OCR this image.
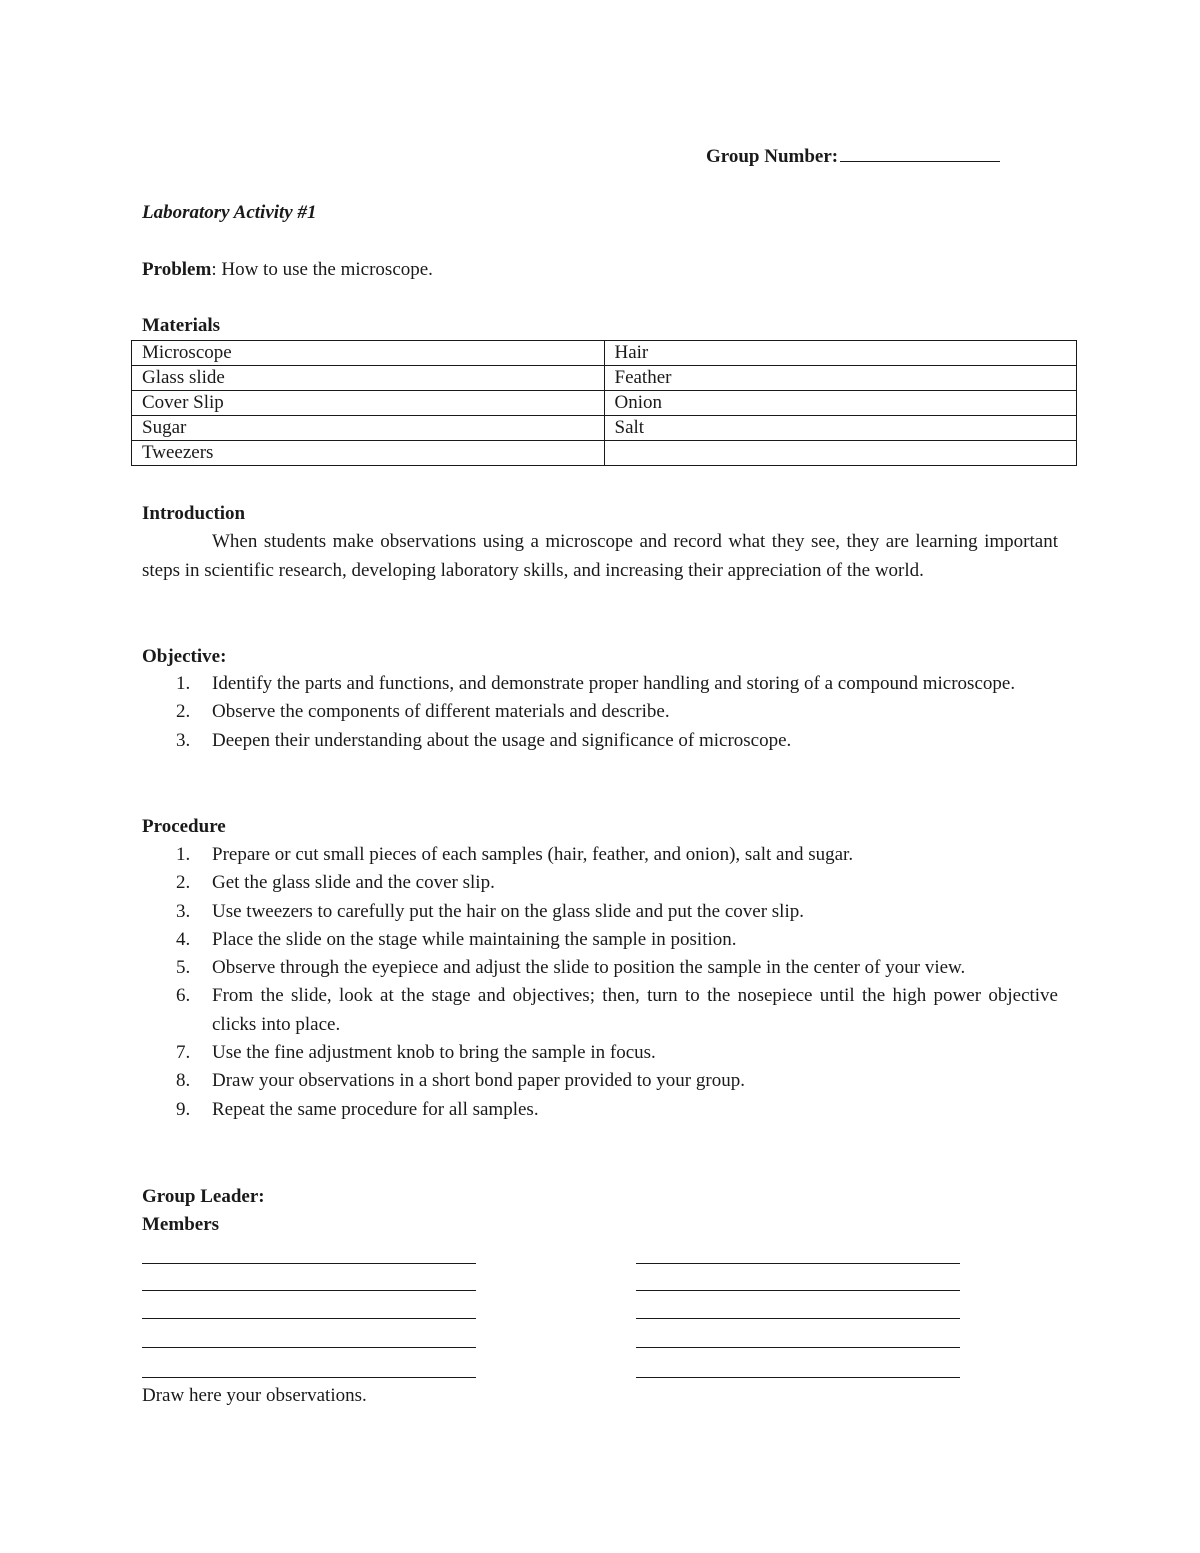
Group Number:
Laboratory Activity #1
Problem: How to use the microscope.
Materials
Microscope	Hair
Glass slide	Feather
Cover Slip	Onion
Sugar	Salt
Tweezers	
Introduction
When students make observations using a microscope and record what they see, they are learning important steps in scientific research, developing laboratory skills, and increasing their appreciation of the world.
Objective:
1. Identify the parts and functions, and demonstrate proper handling and storing of a compound microscope.
2. Observe the components of different materials and describe.
3. Deepen their understanding about the usage and significance of microscope.
Procedure
1. Prepare or cut small pieces of each samples (hair, feather, and onion), salt and sugar.
2. Get the glass slide and the cover slip.
3. Use tweezers to carefully put the hair on the glass slide and put the cover slip.
4. Place the slide on the stage while maintaining the sample in position.
5. Observe through the eyepiece and adjust the slide to position the sample in the center of your view.
6. From the slide, look at the stage and objectives; then, turn to the nosepiece until the high power objective clicks into place.
7. Use the fine adjustment knob to bring the sample in focus.
8. Draw your observations in a short bond paper provided to your group.
9. Repeat the same procedure for all samples.
Group Leader:
Members
Draw here your observations.
